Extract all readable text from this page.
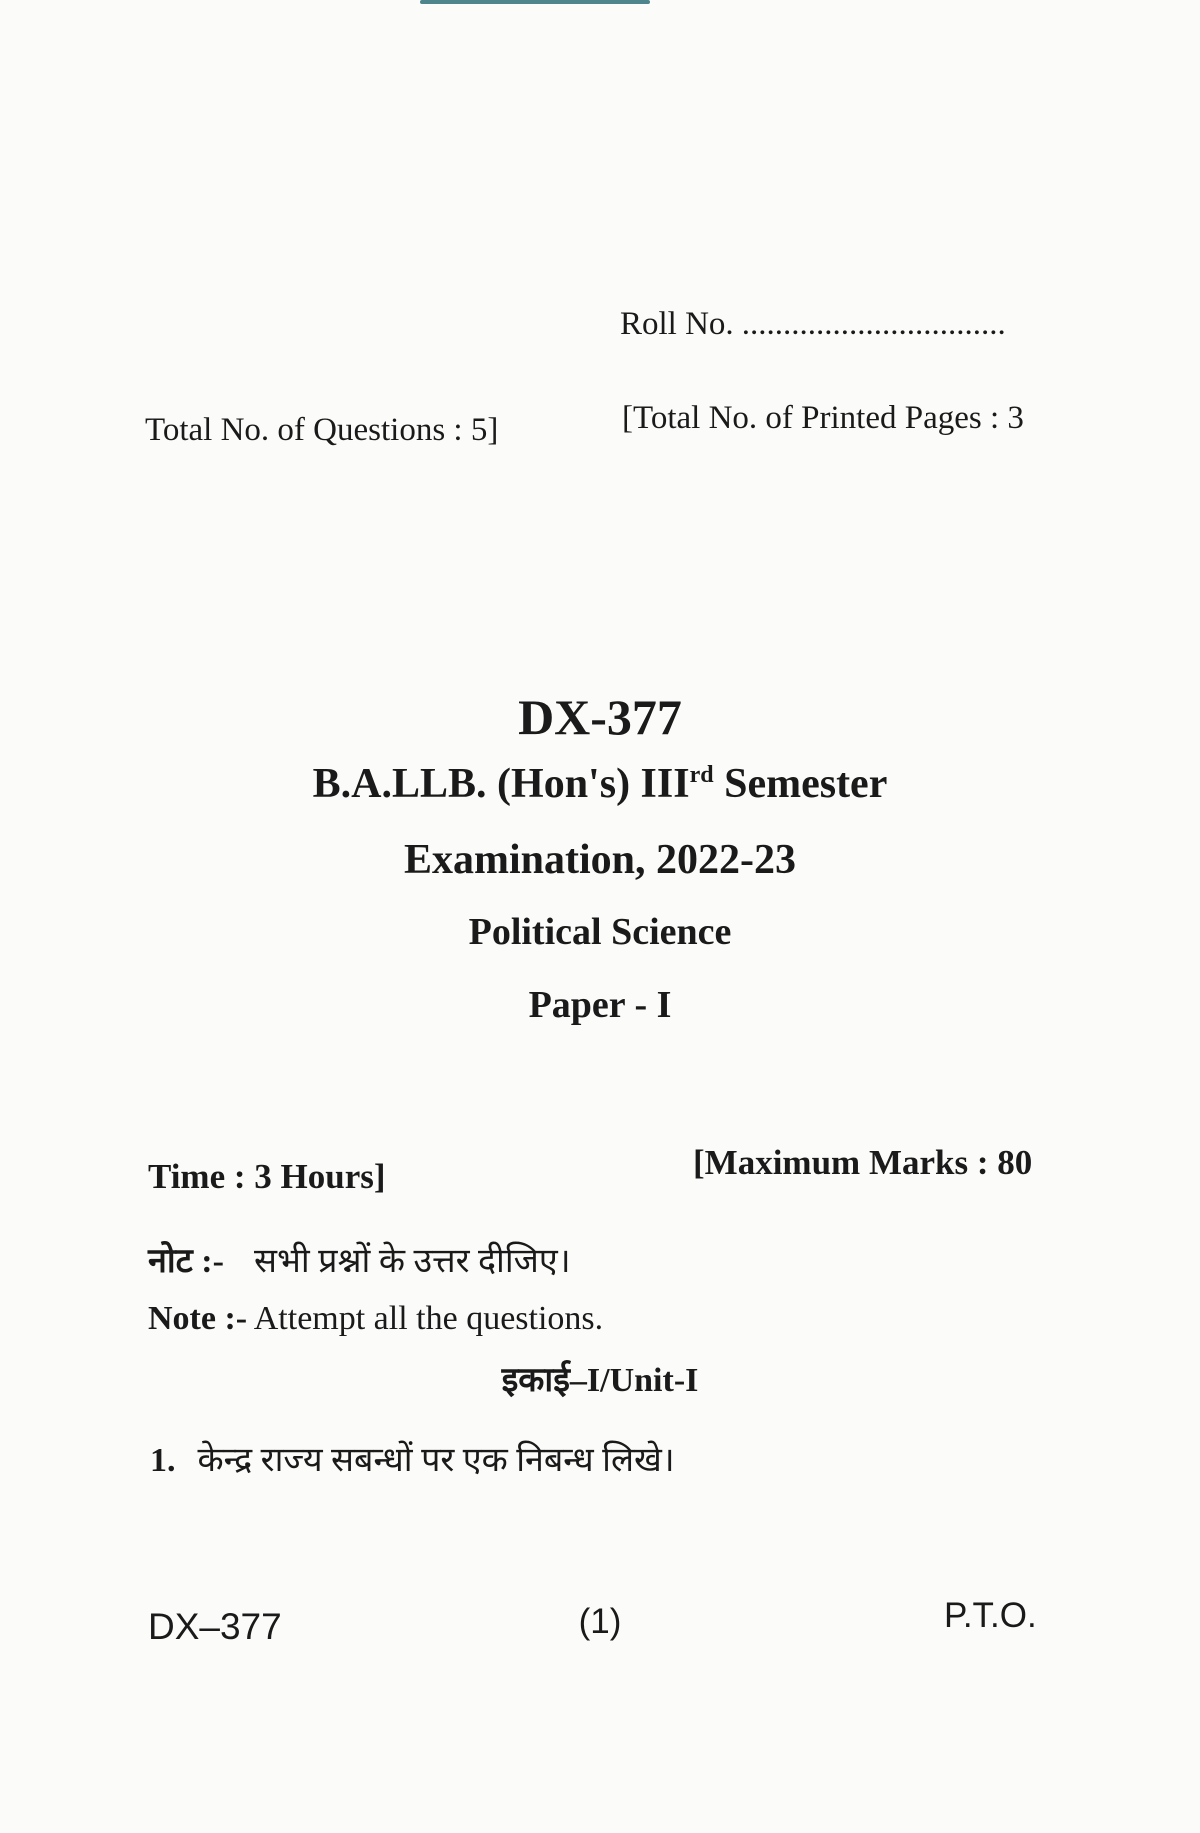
Roll No. ................................
Total No. of Questions : 5]	[Total No. of Printed Pages : 3
DX-377
B.A.LLB. (Hon's) IIIrd Semester
Examination, 2022-23
Political Science
Paper - I
Time : 3 Hours]	[Maximum Marks : 80
नोट :- सभी प्रश्नों के उत्तर दीजिए।
Note :- Attempt all the questions.
इकाई–I/Unit-I
1. केन्द्र राज्य सबन्धों पर एक निबन्ध लिखे।
DX–377	(1)	P.T.O.
